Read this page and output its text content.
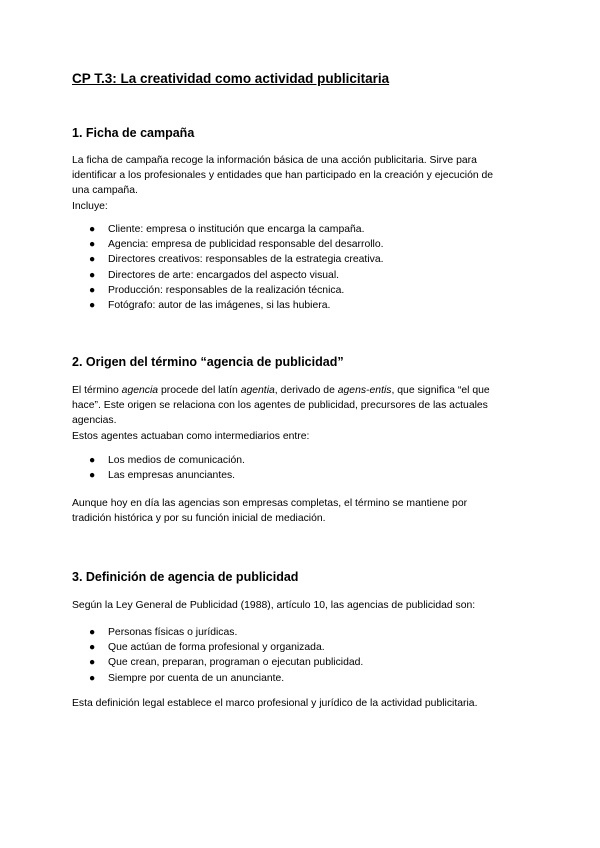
CP T.3: La creatividad como actividad publicitaria
1. Ficha de campaña
La ficha de campaña recoge la información básica de una acción publicitaria. Sirve para
identificar a los profesionales y entidades que han participado en la creación y ejecución de
una campaña.
Incluye:
● Cliente: empresa o institución que encarga la campaña.
● Agencia: empresa de publicidad responsable del desarrollo.
● Directores creativos: responsables de la estrategia creativa.
● Directores de arte: encargados del aspecto visual.
● Producción: responsables de la realización técnica.
● Fotógrafo: autor de las imágenes, si las hubiera.
2. Origen del término “agencia de publicidad”
El término agencia procede del latín agentia, derivado de agens-entis, que significa “el que
hace”. Este origen se relaciona con los agentes de publicidad, precursores de las actuales
agencias.
Estos agentes actuaban como intermediarios entre:
● Los medios de comunicación.
● Las empresas anunciantes.
Aunque hoy en día las agencias son empresas completas, el término se mantiene por
tradición histórica y por su función inicial de mediación.
3. Definición de agencia de publicidad
Según la Ley General de Publicidad (1988), artículo 10, las agencias de publicidad son:
● Personas físicas o jurídicas.
● Que actúan de forma profesional y organizada.
● Que crean, preparan, programan o ejecutan publicidad.
● Siempre por cuenta de un anunciante.
Esta definición legal establece el marco profesional y jurídico de la actividad publicitaria.
